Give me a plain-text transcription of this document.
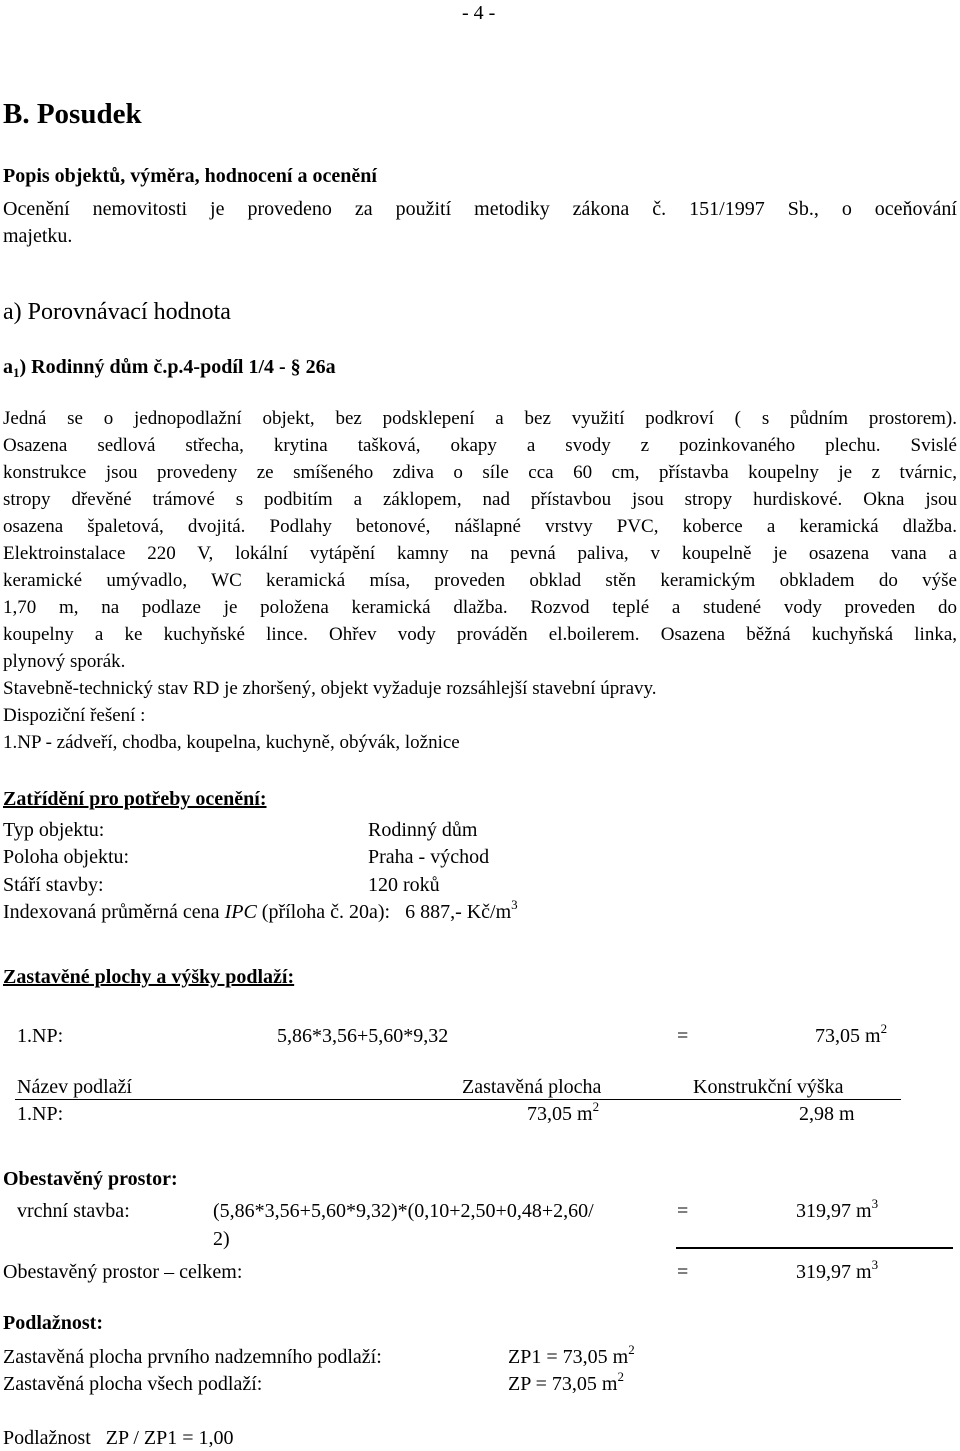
- 4 -
B. Posudek
Popis objektů, výměra, hodnocení a ocenění
Ocenění nemovitosti je provedeno za použití metodiky zákona č. 151/1997 Sb., o oceňování
majetku.
a) Porovnávací hodnota
$a_1$) Rodinný dům č.p.4-podíl 1/4 - § 26a
Jedná se o jednopodlažní objekt, bez podsklepení a bez využití podkroví ( s půdním prostorem).
Osazena sedlová střecha, krytina tašková, okapy a svody z pozinkovaného plechu. Svislé
konstrukce jsou provedeny ze smíšeného zdiva o síle cca 60 cm, přístavba koupelny je z tvárnic,
stropy dřevěné trámové s podbitím a záklopem, nad přístavbou jsou stropy hurdiskové. Okna jsou
osazena špaletová, dvojitá. Podlahy betonové, nášlapné vrstvy PVC, koberce a keramická dlažba.
Elektroinstalace 220 V, lokální vytápění kamny na pevná paliva, v koupelně je osazena vana a
keramické umývadlo, WC keramická mísa, proveden obklad stěn keramickým obkladem do výše
1,70 m, na podlaze je položena keramická dlažba. Rozvod teplé a studené vody proveden do
koupelny a ke kuchyňské lince. Ohřev vody prováděn el.boilerem. Osazena běžná kuchyňská linka,
plynový sporák.
Stavebně-technický stav RD je zhoršený, objekt vyžaduje rozsáhlejší stavební úpravy.
Dispoziční řešení :
1.NP - zádveří, chodba, koupelna, kuchyně, obývák, ložnice
Zatřídění pro potřeby ocenění:
Typ objektu:	Rodinný dům
Poloha objektu:	Praha - východ
Stáří stavby:	120 roků
Indexovaná průměrná cena IPC (příloha č. 20a):   6 887,- $Kč/m^3$
Zastavěné plochy a výšky podlaží:
1.NP:	5,86*3,56+5,60*9,32	=	73,05 $m^2$
Název podlaží	Zastavěná plocha	Konstrukční výška
1.NP:	73,05 $m^2$	2,98 m
Obestavěný prostor:
vrchní stavba:	(5,86*3,56+5,60*9,32)*(0,10+2,50+0,48+2,60/
2)
=	319,97 $m^3$
Obestavěný prostor – celkem:	=	319,97 $m^3$
Podlažnost:
Zastavěná plocha prvního nadzemního podlaží:	ZP1 = 73,05 $m^2$
Zastavěná plocha všech podlaží:	ZP = 73,05 $m^2$
Podlažnost   ZP / ZP1 = 1,00
